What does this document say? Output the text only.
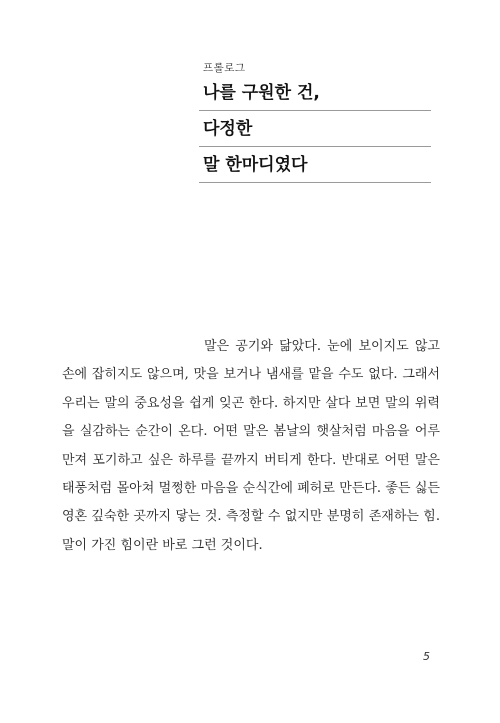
프롤로그
나를 구원한 건,
다정한
말 한마디였다

말은 공기와 닮았다. 눈에 보이지도 않고 손에 잡히지도 않으며, 맛을 보거나 냄새를 맡을 수도 없다. 그래서 우리는 말의 중요성을 쉽게 잊곤 한다. 하지만 살다 보면 말의 위력을 실감하는 순간이 온다. 어떤 말은 봄날의 햇살처럼 마음을 어루만져 포기하고 싶은 하루를 끝까지 버티게 한다. 반대로 어떤 말은 태풍처럼 몰아쳐 멀쩡한 마음을 순식간에 폐허로 만든다. 좋든 싫든 영혼 깊숙한 곳까지 닿는 것. 측정할 수 없지만 분명히 존재하는 힘. 말이 가진 힘이란 바로 그런 것이다.

5
